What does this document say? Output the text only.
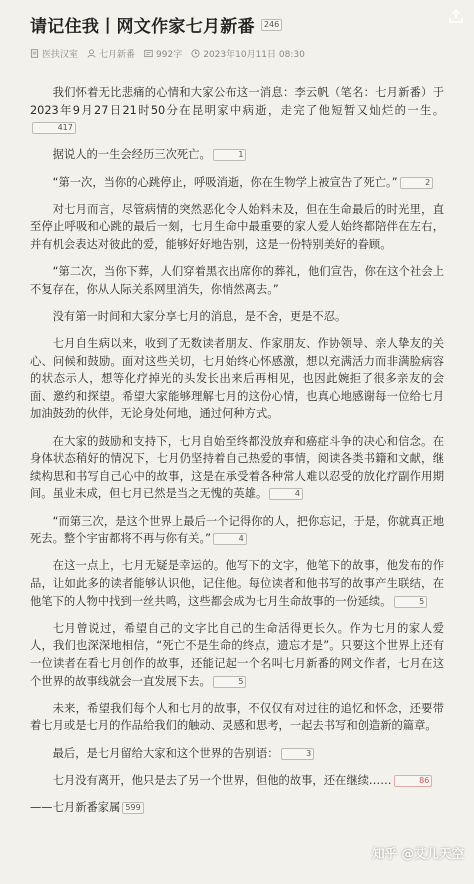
请记住我丨网文作家七月新番	246
医扶汉室 七月新番 992字 2023年10月11日 08:30

我们怀着无比悲痛的心情和大家公布这一消息：李云帆（笔名：七月新番）于2023年9月27日21时50分在昆明家中病逝，走完了他短暂又灿烂的一生。417

据说人的一生会经历三次死亡。	1

“第一次，当你的心跳停止，呼吸消逝，你在生物学上被宣告了死亡。”	2

对七月而言，尽管病情的突然恶化令人始料未及，但在生命最后的时光里，直至停止呼吸和心跳的最后一刻，七月生命中最重要的家人爱人始终都陪伴在左右，并有机会表达对彼此的爱，能够好好地告别，这是一份特别美好的眷顾。

“第二次，当你下葬，人们穿着黑衣出席你的葬礼，他们宣告，你在这个社会上不复存在，你从人际关系网里消失，你悄然离去。”

没有第一时间和大家分享七月的消息，是不舍，更是不忍。

七月自生病以来，收到了无数读者朋友、作家朋友、作协领导、亲人挚友的关心、问候和鼓励。面对这些关切，七月始终心怀感激，想以充满活力而非满脸病容的状态示人，想等化疗掉光的头发长出来后再相见，也因此婉拒了很多亲友的会面、邀约和探望。希望大家能够理解七月的这份心情，也真心地感谢每一位给七月加油鼓劲的伙伴，无论身处何地，通过何种方式。

在大家的鼓励和支持下，七月自始至终都没放弃和癌症斗争的决心和信念。在身体状态稍好的情况下，七月仍坚持着自己热爱的事情，阅读各类书籍和文献，继续构思和书写自己心中的故事，这是在承受着各种常人难以忍受的放化疗副作用期间。虽业未成，但七月已然是当之无愧的英雄。	4

“而第三次，是这个世界上最后一个记得你的人，把你忘记，于是，你就真正地死去。整个宇宙都将不再与你有关。”	4

在这一点上，七月无疑是幸运的。他写下的文字，他笔下的故事，他发布的作品，让如此多的读者能够认识他，记住他。每位读者和他书写的故事产生联结，在他笔下的人物中找到一丝共鸣，这些都会成为七月生命故事的一份延续。	5

七月曾说过，希望自己的文字比自己的生命活得更长久。作为七月的家人爱人，我们也深深地相信，“死亡不是生命的终点，遗忘才是”。只要这个世界上还有一位读者在看七月创作的故事，还能记起一个名叫七月新番的网文作者，七月在这个世界的故事线就会一直发展下去。	5

未来，希望我们每个人和七月的故事，不仅仅有对过往的追忆和怀念，还要带着七月或是七月的作品给我们的触动、灵感和思考，一起去书写和创造新的篇章。

最后，是七月留给大家和这个世界的告别语：	3

七月没有离开，他只是去了另一个世界，但他的故事，还在继续……	86

——七月新番家属 599
知乎 @艾儿天空
